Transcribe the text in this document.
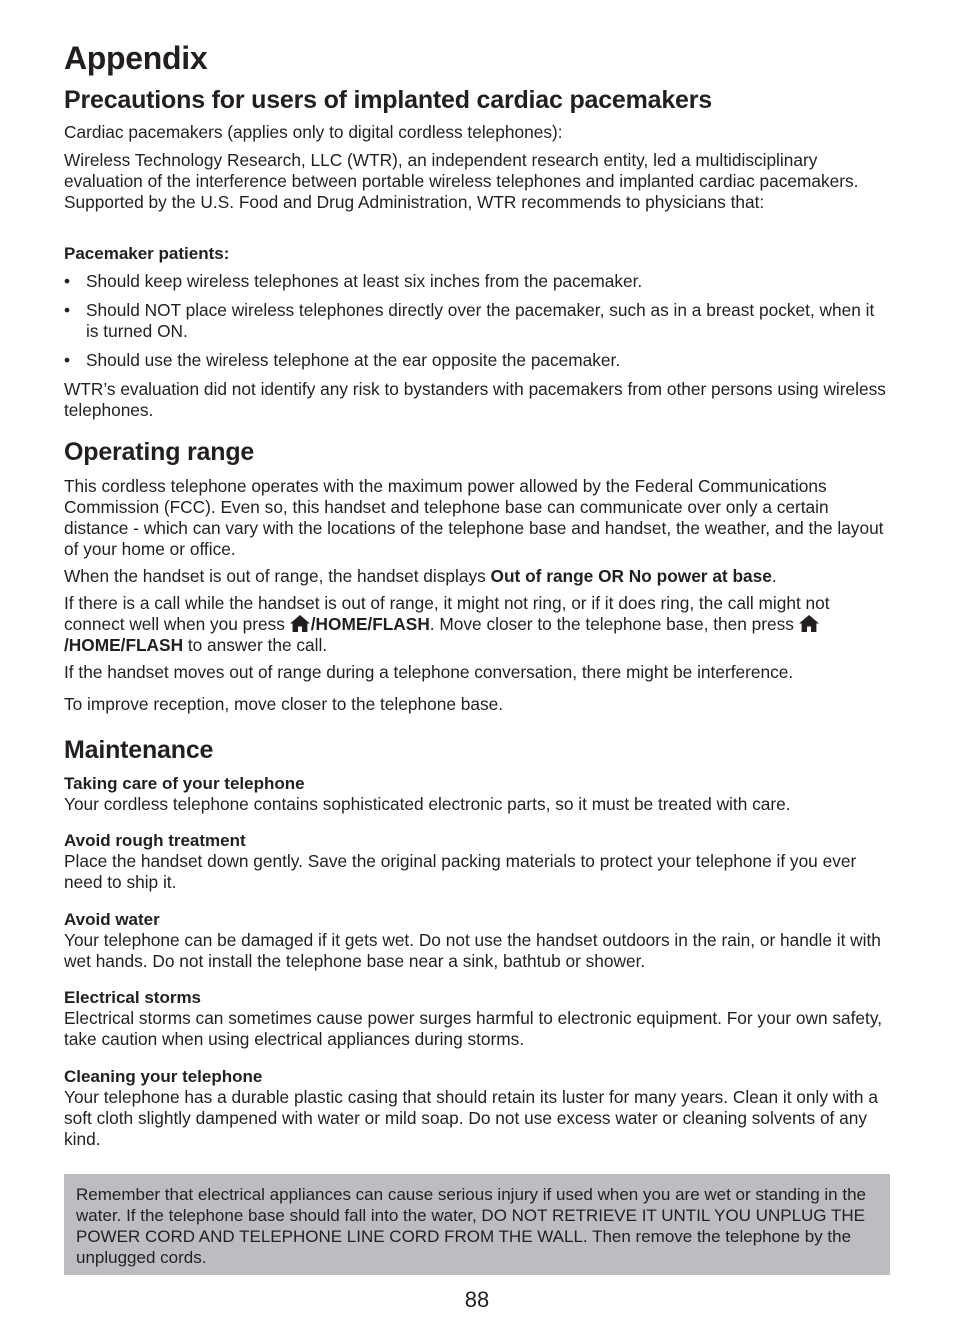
Appendix
Precautions for users of implanted cardiac pacemakers

Cardiac pacemakers (applies only to digital cordless telephones):

Wireless Technology Research, LLC (WTR), an independent research entity, led a multidisciplinary evaluation of the interference between portable wireless telephones and implanted cardiac pacemakers. Supported by the U.S. Food and Drug Administration, WTR recommends to physicians that:

Pacemaker patients:

• Should keep wireless telephones at least six inches from the pacemaker.
• Should NOT place wireless telephones directly over the pacemaker, such as in a breast pocket, when it is turned ON.
• Should use the wireless telephone at the ear opposite the pacemaker.

WTR’s evaluation did not identify any risk to bystanders with pacemakers from other persons using wireless telephones.

Operating range

This cordless telephone operates with the maximum power allowed by the Federal Communications Commission (FCC). Even so, this handset and telephone base can communicate over only a certain distance - which can vary with the locations of the telephone base and handset, the weather, and the layout of your home or office.

When the handset is out of range, the handset displays Out of range OR No power at base.

If there is a call while the handset is out of range, it might not ring, or if it does ring, the call might not connect well when you press /HOME/FLASH. Move closer to the telephone base, then press /HOME/FLASH to answer the call.

If the handset moves out of range during a telephone conversation, there might be interference.

To improve reception, move closer to the telephone base.

Maintenance

Taking care of your telephone

Your cordless telephone contains sophisticated electronic parts, so it must be treated with care.

Avoid rough treatment

Place the handset down gently. Save the original packing materials to protect your telephone if you ever need to ship it.

Avoid water

Your telephone can be damaged if it gets wet. Do not use the handset outdoors in the rain, or handle it with wet hands. Do not install the telephone base near a sink, bathtub or shower.

Electrical storms

Electrical storms can sometimes cause power surges harmful to electronic equipment. For your own safety, take caution when using electrical appliances during storms.

Cleaning your telephone

Your telephone has a durable plastic casing that should retain its luster for many years. Clean it only with a soft cloth slightly dampened with water or mild soap. Do not use excess water or cleaning solvents of any kind.

Remember that electrical appliances can cause serious injury if used when you are wet or standing in the water. If the telephone base should fall into the water, DO NOT RETRIEVE IT UNTIL YOU UNPLUG THE POWER CORD AND TELEPHONE LINE CORD FROM THE WALL. Then remove the telephone by the unplugged cords.

88
